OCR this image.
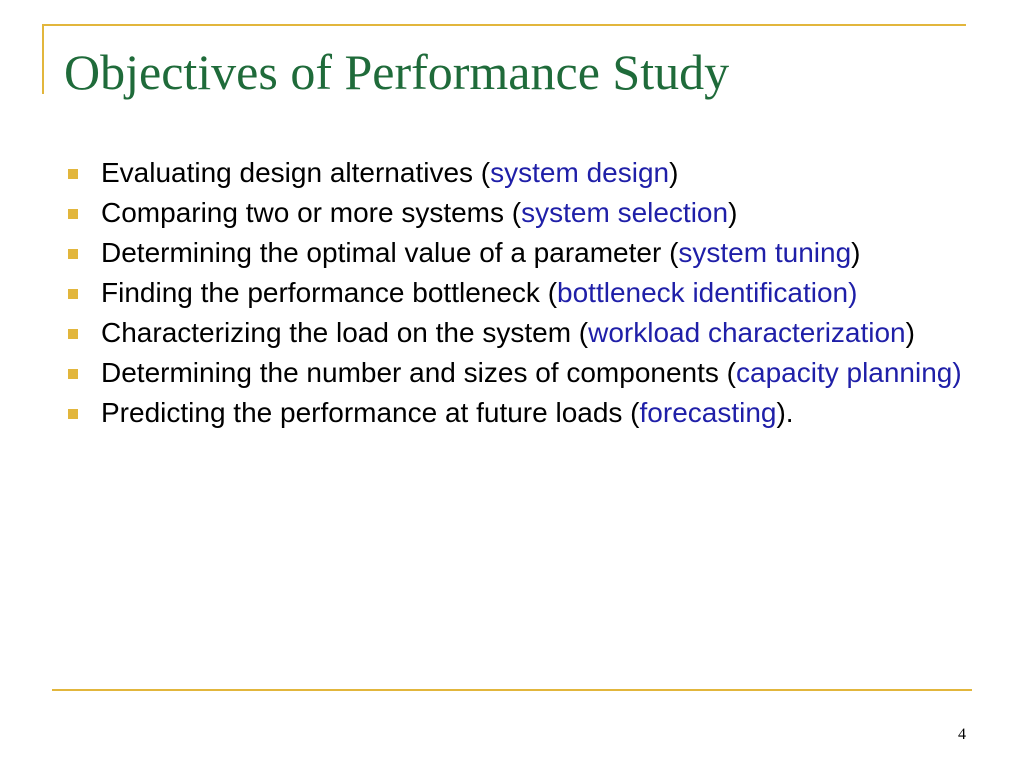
Objectives of Performance Study
Evaluating design alternatives (system design)
Comparing two or more systems (system selection)
Determining the optimal value of a parameter (system tuning)
Finding the performance bottleneck (bottleneck identification)
Characterizing the load on the system (workload characterization)
Determining the number and sizes of components (capacity planning)
Predicting the performance at future loads (forecasting).
4
